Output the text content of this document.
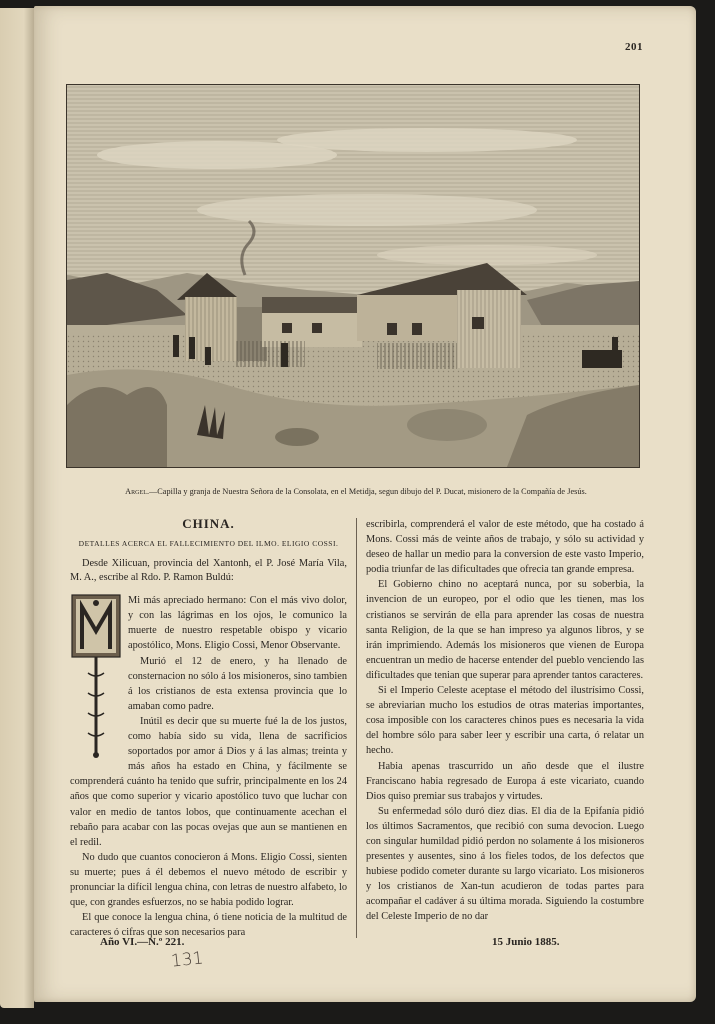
201
Argel.—Capilla y granja de Nuestra Señora de la Consolata, en el Metidja, segun dibujo del P. Ducat, misionero de la Compañía de Jesús.
CHINA.
DETALLES ACERCA EL FALLECIMIENTO DEL ILMO. ELIGIO COSSI.

Desde Xilicuan, provincia del Xantonh, el P. José María Vila, M. A., escribe al Rdo. P. Ramon Buldú:

Mi más apreciado hermano: Con el más vivo dolor, y con las lágrimas en los ojos, le comunico la muerte de nuestro respetable obispo y vicario apostólico, Mons. Eligio Cossi, Menor Observante.

Murió el 12 de enero, y ha llenado de consternacion no sólo á los misioneros, sino tambien á los cristianos de esta extensa provincia que lo amaban como padre.

Inútil es decir que su muerte fué la de los justos, como había sido su vida, llena de sacrificios soportados por amor á Dios y á las almas; treinta y más años ha estado en China, y fácilmente se comprenderá cuánto ha tenido que sufrir, principalmente en los 24 años que como superior y vicario apostólico tuvo que luchar con valor en medio de tantos lobos, que continuamente acechan el rebaño para acabar con las pocas ovejas que aun se mantienen en el redil.

No dudo que cuantos conocieron á Mons. Eligio Cossi, sienten su muerte; pues á él debemos el nuevo método de escribir y pronunciar la difícil lengua china, con letras de nuestro alfabeto, lo que, con grandes esfuerzos, no se habia podido lograr.

El que conoce la lengua china, ó tiene noticia de la multitud de caracteres ó cifras que son necesarios para

escribirla, comprenderá el valor de este método, que ha costado á Mons. Cossi más de veinte años de trabajo, y sólo su actividad y deseo de hallar un medio para la conversion de este vasto Imperio, podia triunfar de las dificultades que ofrecia tan grande empresa.

El Gobierno chino no aceptará nunca, por su soberbia, la invencion de un europeo, por el odio que les tienen, mas los cristianos se servirán de ella para aprender las cosas de nuestra santa Religion, de la que se han impreso ya algunos libros, y se irán imprimiendo. Además los misioneros que vienen de Europa encuentran un medio de hacerse entender del pueblo venciendo las dificultades que tenian que superar para aprender tantos caracteres.

Si el Imperio Celeste aceptase el método del ilustrísimo Cossi, se abreviarian mucho los estudios de otras materias importantes, cosa imposible con los caracteres chinos pues es necesaria la vida del hombre sólo para saber leer y escribir una carta, ó relatar un hecho.

Habia apenas trascurrido un año desde que el ilustre Franciscano habia regresado de Europa á este vicariato, cuando Dios quiso premiar sus trabajos y virtudes.

Su enfermedad sólo duró diez dias. El dia de la Epifanía pidió los últimos Sacramentos, que recibió con suma devocion. Luego con singular humildad pidió perdon no solamente á los misioneros presentes y ausentes, sino á los fieles todos, de los defectos que hubiese podido cometer durante su largo vicariato. Los misioneros y los cristianos de Xan-tun acudieron de todas partes para acompañar el cadáver á su última morada. Siguiendo la costumbre del Celeste Imperio de no dar

Año VI.—N.º 221.	15 Junio 1885.
131
